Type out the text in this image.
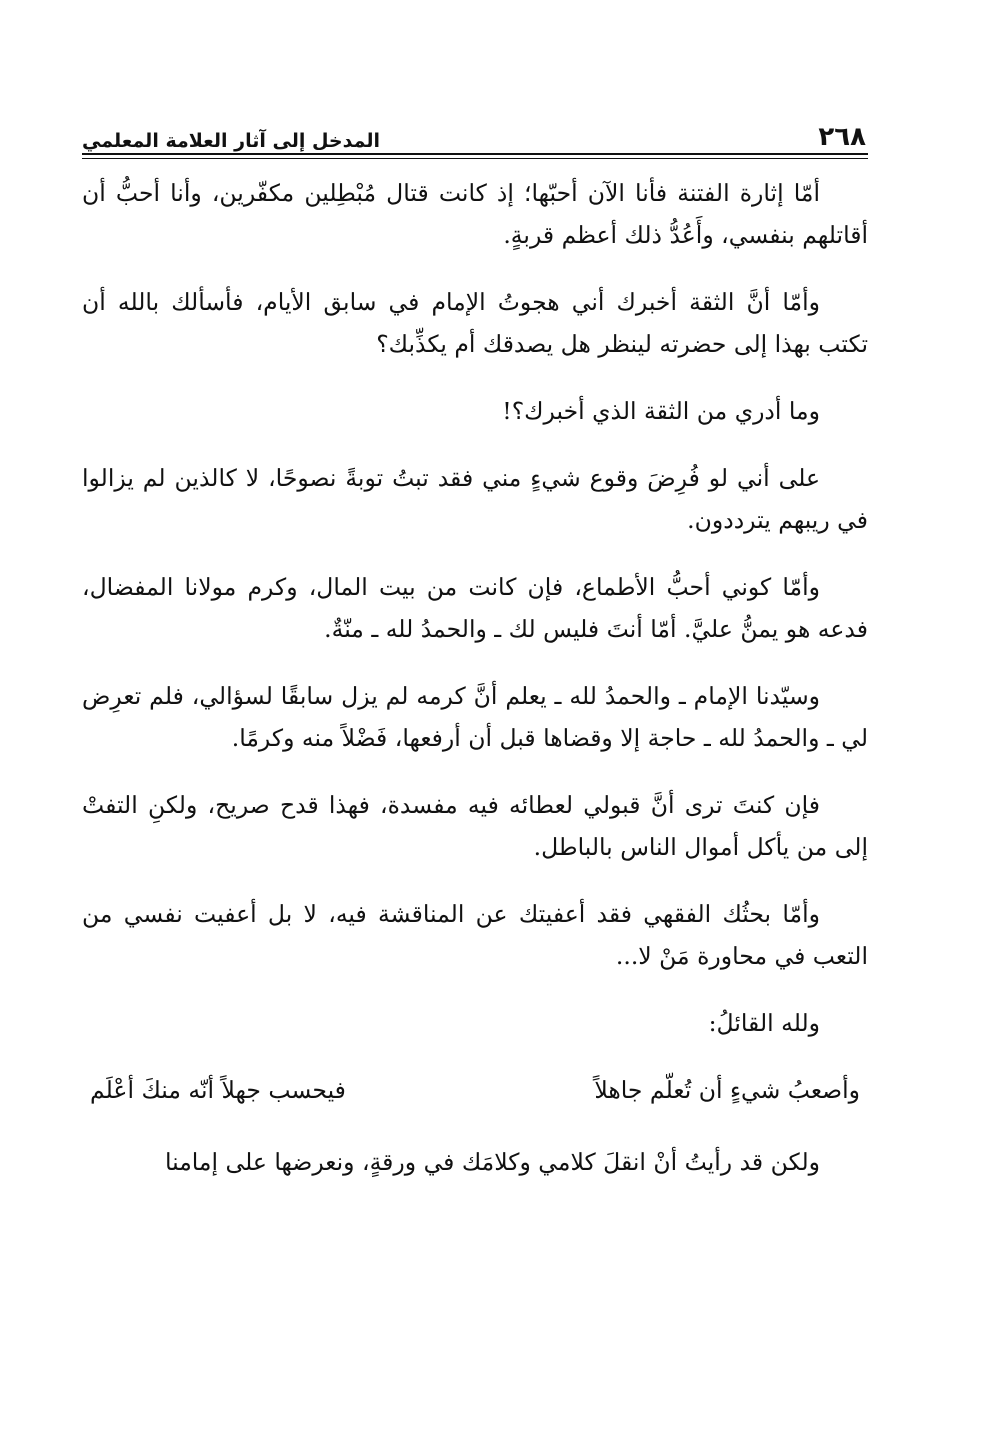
٢٦٨
المدخل إلى آثار العلامة المعلمي

أمّا إثارة الفتنة فأنا الآن أحبّها؛ إذ كانت قتال مُبْطِلين مكفّرين، وأنا أحبُّ أن أقاتلهم بنفسي، وأَعُدُّ ذلك أعظم قربةٍ.

وأمّا أنَّ الثقة أخبرك أني هجوتُ الإمام في سابق الأيام، فأسألك بالله أن تكتب بهذا إلى حضرته لينظر هل يصدقك أم يكذِّبك؟

وما أدري من الثقة الذي أخبرك؟!

على أني لو فُرِضَ وقوع شيءٍ مني فقد تبتُ توبةً نصوحًا، لا كالذين لم يزالوا في ريبهم يترددون.

وأمّا كوني أحبُّ الأطماع، فإن كانت من بيت المال، وكرم مولانا المفضال، فدعه هو يمنُّ عليَّ. أمّا أنتَ فليس لك ـ والحمدُ لله ـ منّةٌ.

وسيّدنا الإمام ـ والحمدُ لله ـ يعلم أنَّ كرمه لم يزل سابقًا لسؤالي، فلم تعرِض لي ـ والحمدُ لله ـ حاجة إلا وقضاها قبل أن أرفعها، فَضْلاً منه وكرمًا.

فإن كنتَ ترى أنَّ قبولي لعطائه فيه مفسدة، فهذا قدح صريح، ولكنِ التفتْ إلى من يأكل أموال الناس بالباطل.

وأمّا بحثُك الفقهي فقد أعفيتك عن المناقشة فيه، لا بل أعفيت نفسي من التعب في محاورة مَنْ لا...

ولله القائلُ:

وأصعبُ شيءٍ أن تُعلّم جاهلاً
فيحسب جهلاً أنّه منكَ أعْلَم

ولكن قد رأيتُ أنْ انقلَ كلامي وكلامَك في ورقةٍ، ونعرضها على إمامنا
